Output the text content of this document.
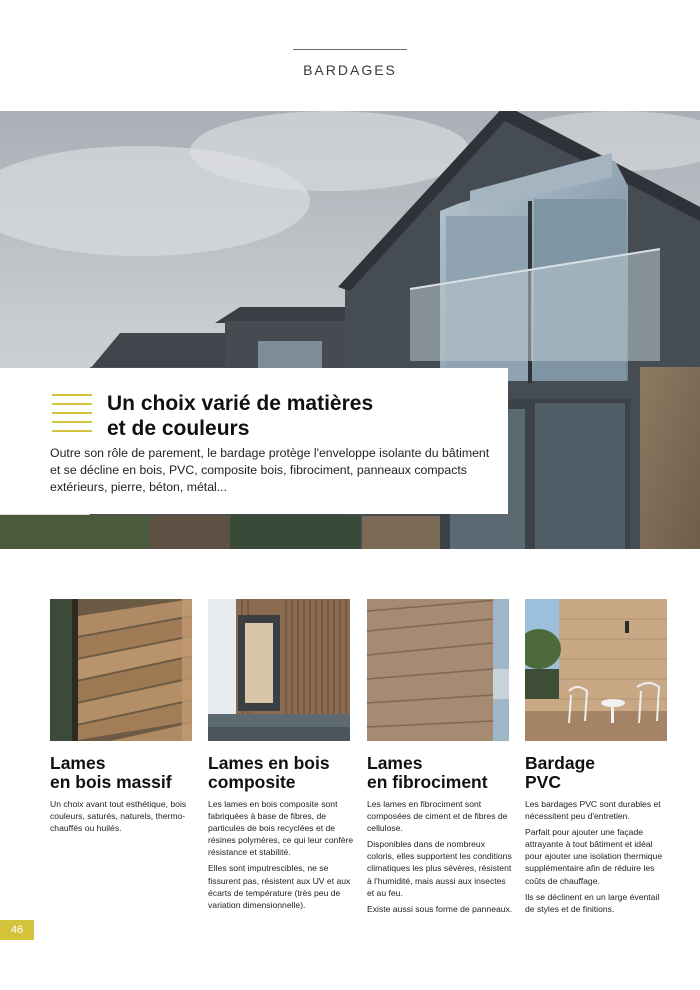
BARDAGES
Un choix varié de matières
et de couleurs
Outre son rôle de parement, le bardage protège l'enveloppe isolante du bâtiment et se décline en bois, PVC, composite bois, fibrociment, panneaux compacts extérieurs, pierre, béton, métal...
Lames
en bois massif
Lames en bois
composite
Lames
en fibrociment
Bardage
PVC

Un choix avant tout esthétique, bois couleurs, saturés, naturels, thermo-chauffés ou huilés.

Les lames en bois composite sont fabriquées à base de fibres, de particules de bois recyclées et de résines polymères, ce qui leur confère résistance et stabilité.

Elles sont imputrescibles, ne se fissurent pas, résistent aux UV et aux écarts de température (très peu de variation dimensionnelle).

Les lames en fibrociment sont composées de ciment et de fibres de cellulose.

Disponibles dans de nombreux coloris, elles supportent les conditions climatiques les plus sévères, résistent à l'humidité, mais aussi aux insectes et au feu.

Existe aussi sous forme de panneaux.

Les bardages PVC sont durables et nécessitent peu d'entretien.

Parfait pour ajouter une façade attrayante à tout bâtiment et idéal pour ajouter une isolation thermique supplémentaire afin de réduire les coûts de chauffage.

Ils se déclinent en un large éventail de styles et de finitions.

46
